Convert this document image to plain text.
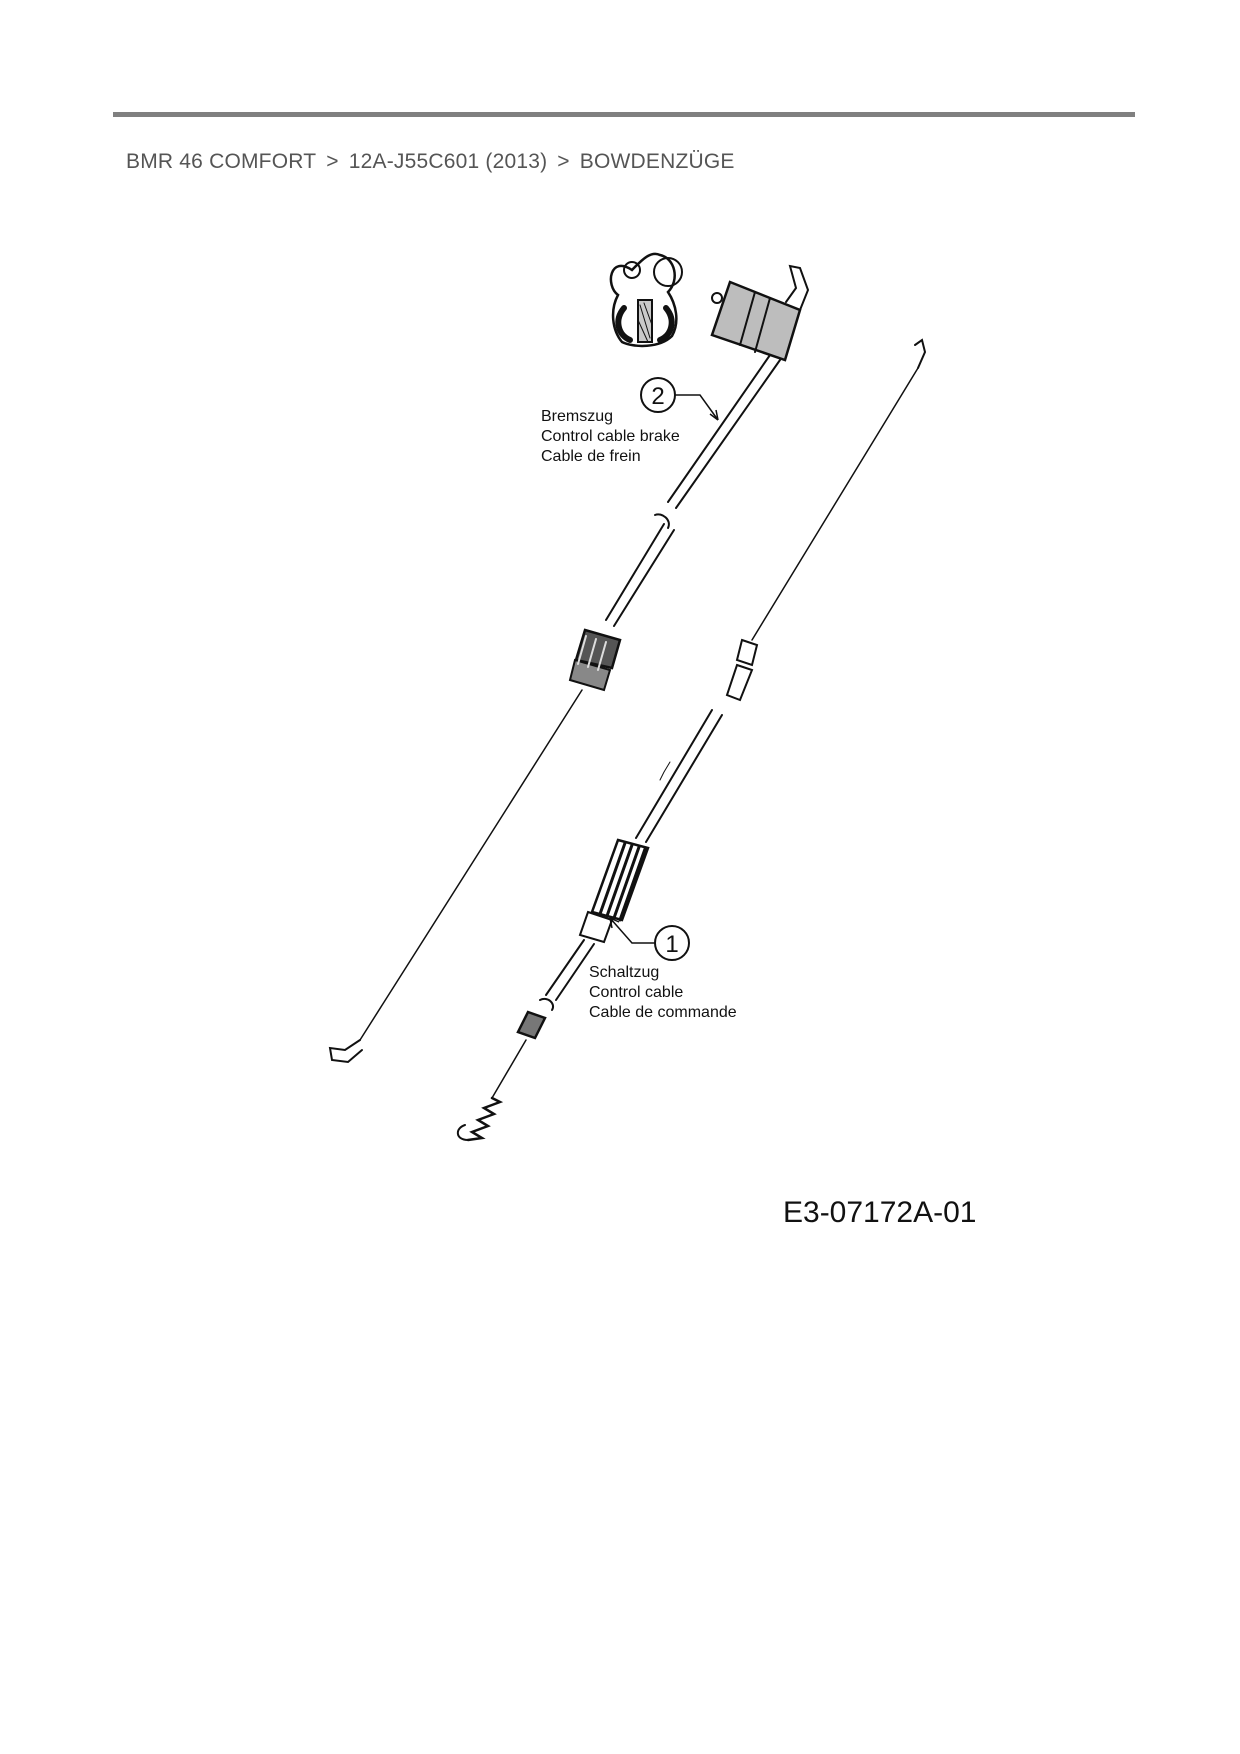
BMR 46 COMFORT > 12A-J55C601 (2013) > BOWDENZÜGE
2
Bremszug
Control cable brake
Cable de frein
1
Schaltzug
Control cable
Cable de commande
E3-07172A-01
